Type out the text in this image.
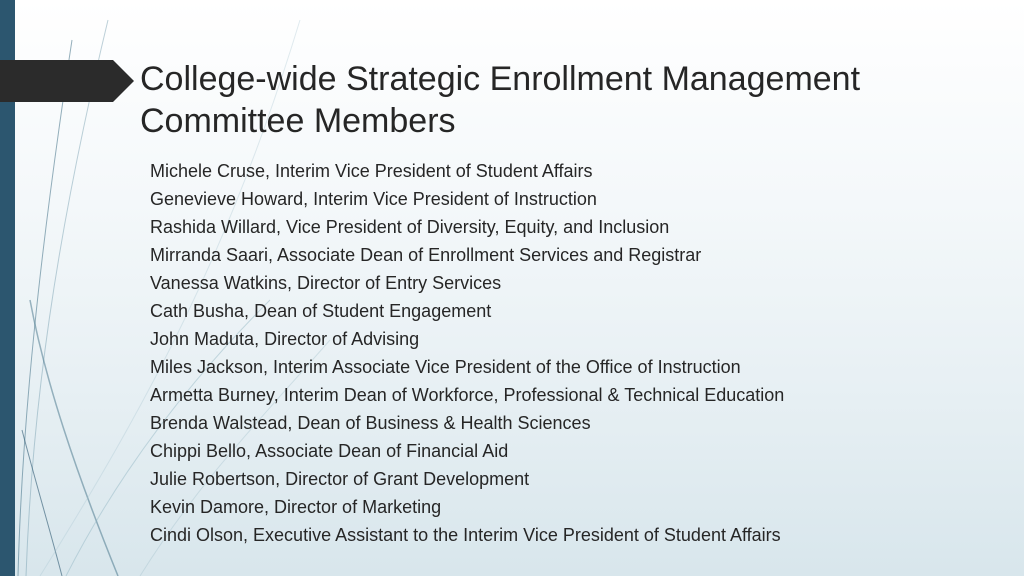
College-wide Strategic Enrollment Management
Committee Members
Michele Cruse, Interim Vice President of Student Affairs
Genevieve Howard, Interim Vice President of Instruction
Rashida Willard, Vice President of Diversity, Equity, and Inclusion
Mirranda Saari, Associate Dean of Enrollment Services and Registrar
Vanessa Watkins, Director of Entry Services
Cath Busha, Dean of Student Engagement
John Maduta, Director of Advising
Miles Jackson, Interim Associate Vice President of the Office of Instruction
Armetta Burney, Interim Dean of Workforce, Professional & Technical Education
Brenda Walstead, Dean of Business & Health Sciences
Chippi Bello, Associate Dean of Financial Aid
Julie Robertson, Director of Grant Development
Kevin Damore, Director of Marketing
Cindi Olson, Executive Assistant to the Interim Vice President of Student Affairs
